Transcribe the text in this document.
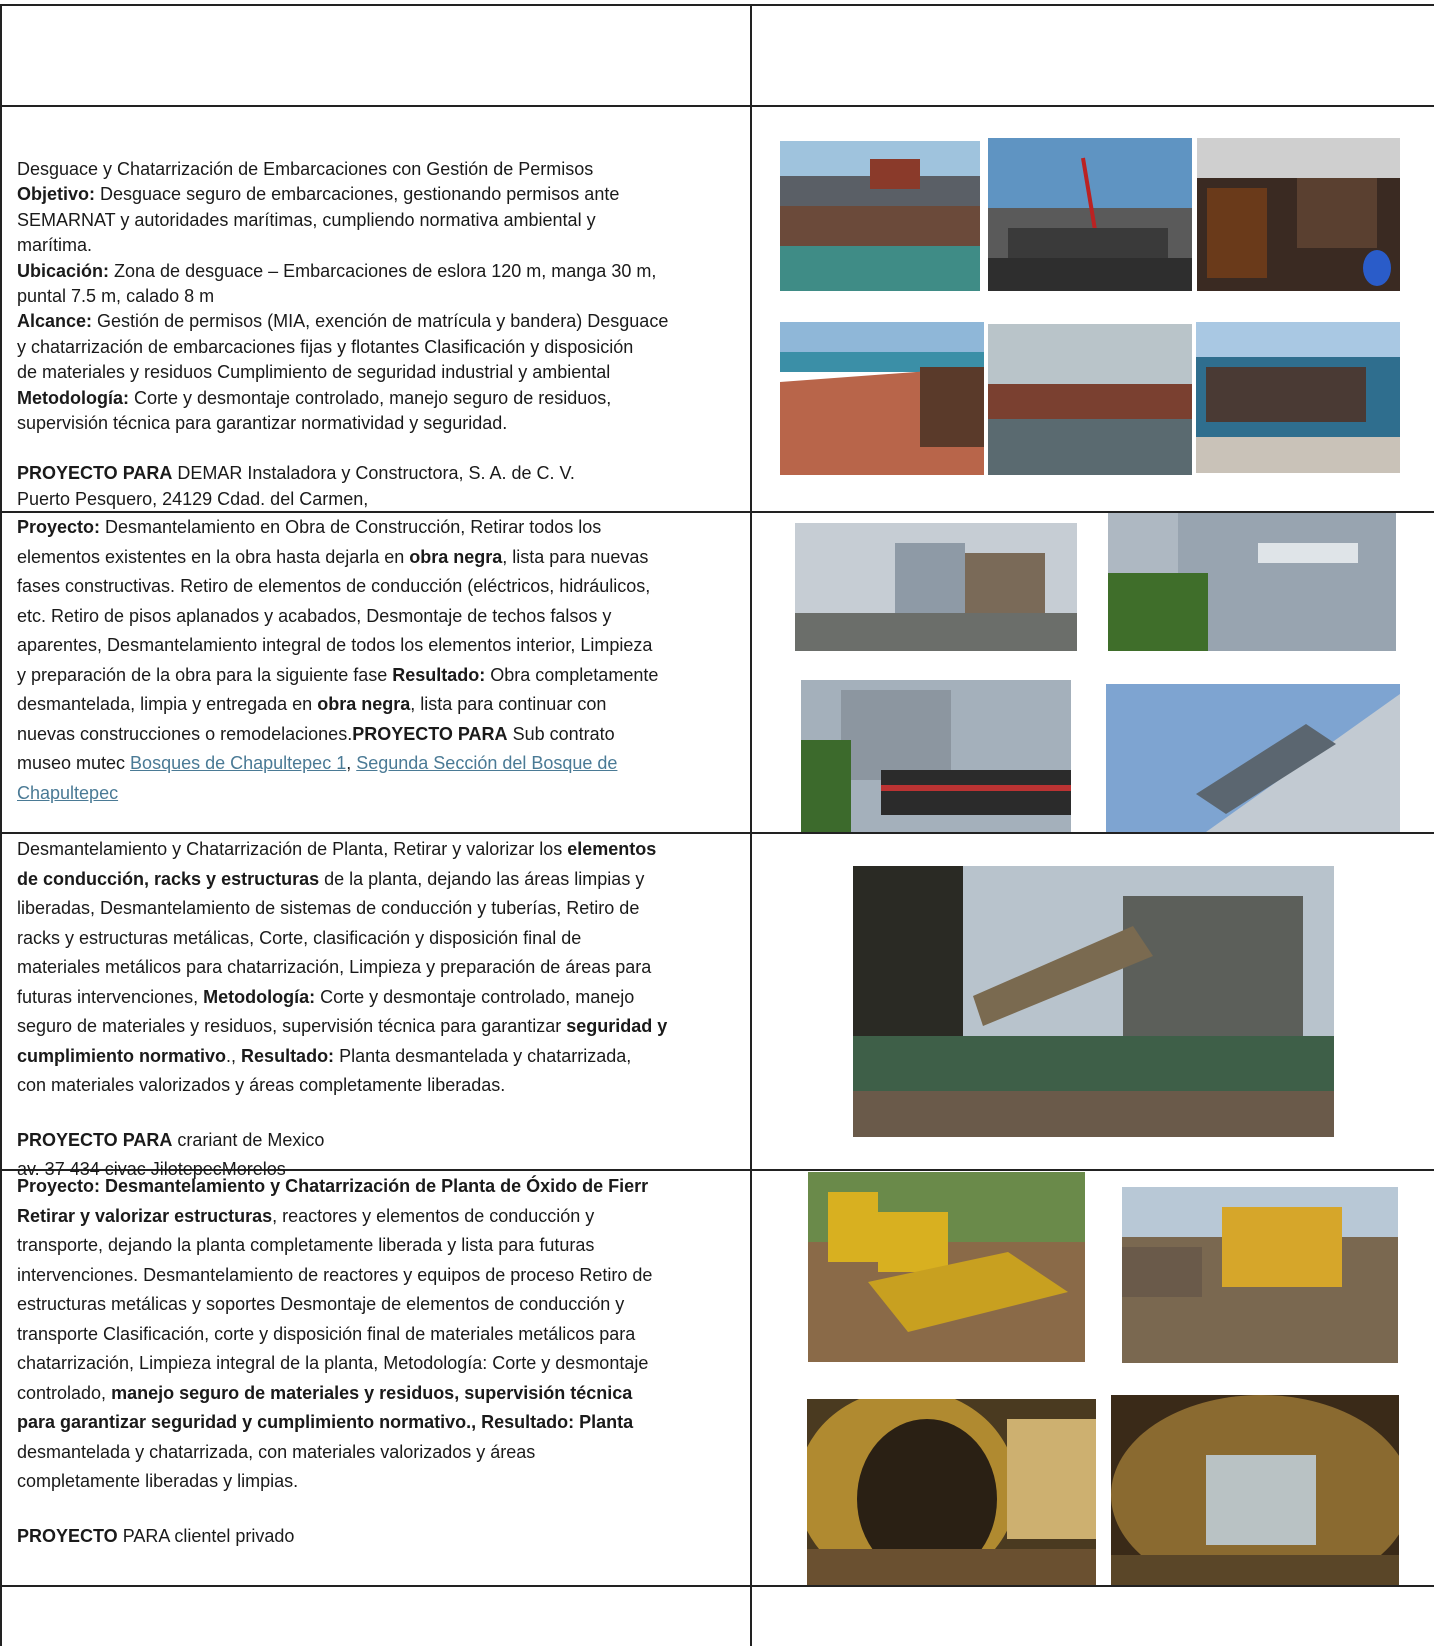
Desguace y Chatarrización de Embarcaciones con Gestión de Permisos
Objetivo: Desguace seguro de embarcaciones, gestionando permisos ante
SEMARNAT y autoridades marítimas, cumpliendo normativa ambiental y
marítima.
Ubicación: Zona de desguace – Embarcaciones de eslora 120 m, manga 30 m,
puntal 7.5 m, calado 8 m
Alcance: Gestión de permisos (MIA, exención de matrícula y bandera) Desguace
y chatarrización de embarcaciones fijas y flotantes Clasificación y disposición
de materiales y residuos Cumplimiento de seguridad industrial y ambiental
Metodología: Corte y desmontaje controlado, manejo seguro de residuos,
supervisión técnica para garantizar normatividad y seguridad.
PROYECTO PARA DEMAR Instaladora y Constructora, S. A. de C. V.
Puerto Pesquero, 24129 Cdad. del Carmen,
Proyecto: Desmantelamiento en Obra de Construcción, Retirar todos los
elementos existentes en la obra hasta dejarla en obra negra, lista para nuevas
fases constructivas. Retiro de elementos de conducción (eléctricos, hidráulicos,
etc. Retiro de pisos aplanados y acabados, Desmontaje de techos falsos y
aparentes, Desmantelamiento integral de todos los elementos interior, Limpieza
y preparación de la obra para la siguiente fase Resultado: Obra completamente
desmantelada, limpia y entregada en obra negra, lista para continuar con
nuevas construcciones o remodelaciones.PROYECTO PARA Sub contrato
museo mutec Bosques de Chapultepec 1, Segunda Sección del Bosque de
Chapultepec
Desmantelamiento y Chatarrización de Planta, Retirar y valorizar los elementos
de conducción, racks y estructuras de la planta, dejando las áreas limpias y
liberadas, Desmantelamiento de sistemas de conducción y tuberías, Retiro de
racks y estructuras metálicas, Corte, clasificación y disposición final de
materiales metálicos para chatarrización, Limpieza y preparación de áreas para
futuras intervenciones, Metodología: Corte y desmontaje controlado, manejo
seguro de materiales y residuos, supervisión técnica para garantizar seguridad y
cumplimiento normativo., Resultado: Planta desmantelada y chatarrizada,
con materiales valorizados y áreas completamente liberadas.
PROYECTO PARA crariant de Mexico
av. 37 434 civac JilotepecMorelos
Proyecto: Desmantelamiento y Chatarrización de Planta de Óxido de Fierr
Retirar y valorizar estructuras, reactores y elementos de conducción y
transporte, dejando la planta completamente liberada y lista para futuras
intervenciones. Desmantelamiento de reactores y equipos de proceso Retiro de
estructuras metálicas y soportes Desmontaje de elementos de conducción y
transporte Clasificación, corte y disposición final de materiales metálicos para
chatarrización, Limpieza integral de la planta, Metodología: Corte y desmontaje
controlado, manejo seguro de materiales y residuos, supervisión técnica
para garantizar seguridad y cumplimiento normativo., Resultado: Planta
desmantelada y chatarrizada, con materiales valorizados y áreas
completamente liberadas y limpias.
PROYECTO PARA clientel privado
